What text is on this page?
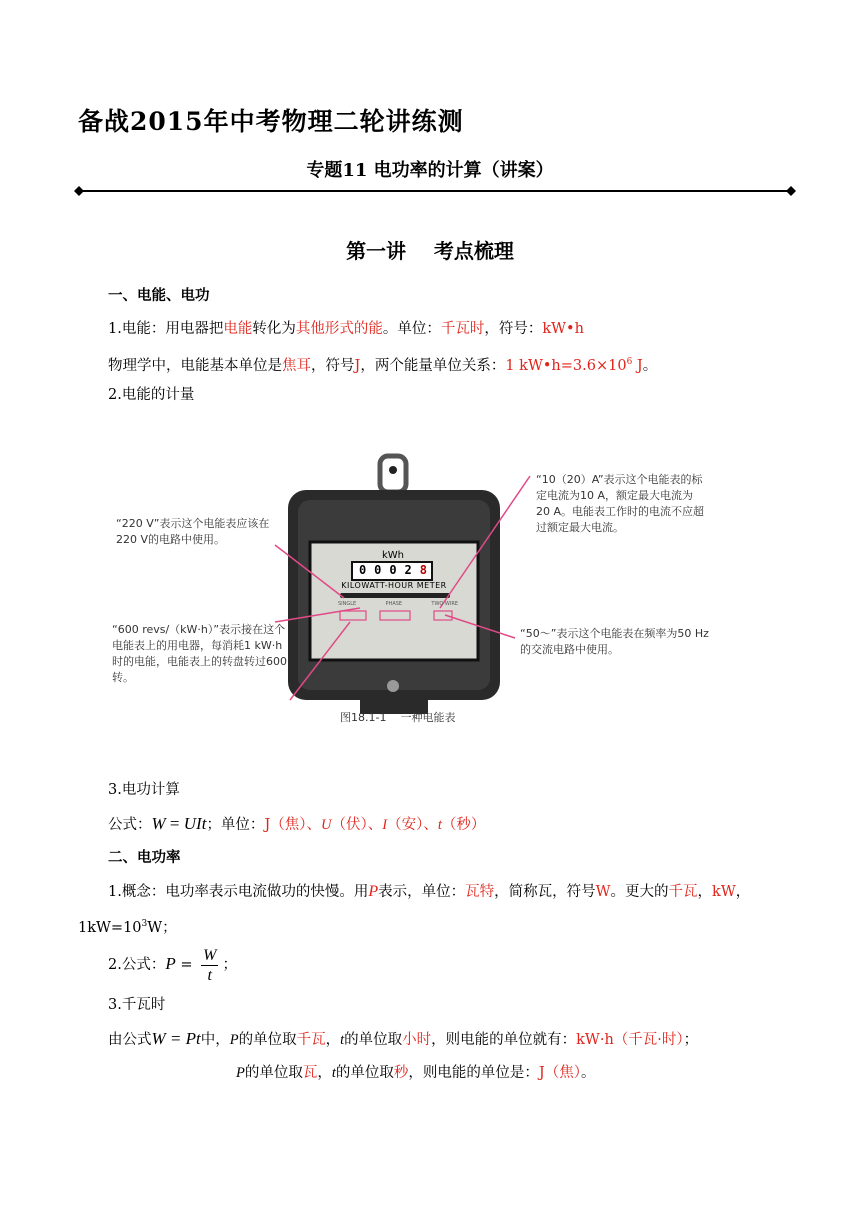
备战2015年中考物理二轮讲练测
专题11 电功率的计算（讲案）
第一讲    考点梳理
一、电能、电功
1.电能：用电器把电能转化为其他形式的能。单位：千瓦时，符号：kW•h
物理学中，电能基本单位是焦耳，符号J，两个能量单位关系：1 $kW•h=3.6\times 10^6$ J。
2.电能的计量
kWh
0 0 0 2 8
KILOWATT-HOUR METER
SINGLE	PHASE	TWO WIRE
“220 V”表示这个电能表应该在220 V的电路中使用。
“600 revs/（kW·h）”表示接在这个电能表上的用电器，每消耗1 kW·h时的电能，电能表上的转盘转过600转。
“10（20）A”表示这个电能表的标定电流为10 A，额定最大电流为20 A。电能表工作时的电流不应超过额定最大电流。
“50～”表示这个电能表在频率为50 Hz的交流电路中使用。
图18.1-1    一种电能表
3.电功计算
公式：W = UIt；单位：J（焦）、U（伏）、I（安）、t（秒）
二、电功率
1.概念：电功率表示电流做功的快慢。用P表示，单位：瓦特，简称瓦，符号W。更大的千瓦，kW，
$1kW=10^3W$；
2.公式：$P = \frac{W}{t}$ ；
3.千瓦时
由公式W = Pt中，P的单位取千瓦，t的单位取小时，则电能的单位就有：kW·h（千瓦·时）；
P的单位取瓦，t的单位取秒，则电能的单位是：J（焦）。
